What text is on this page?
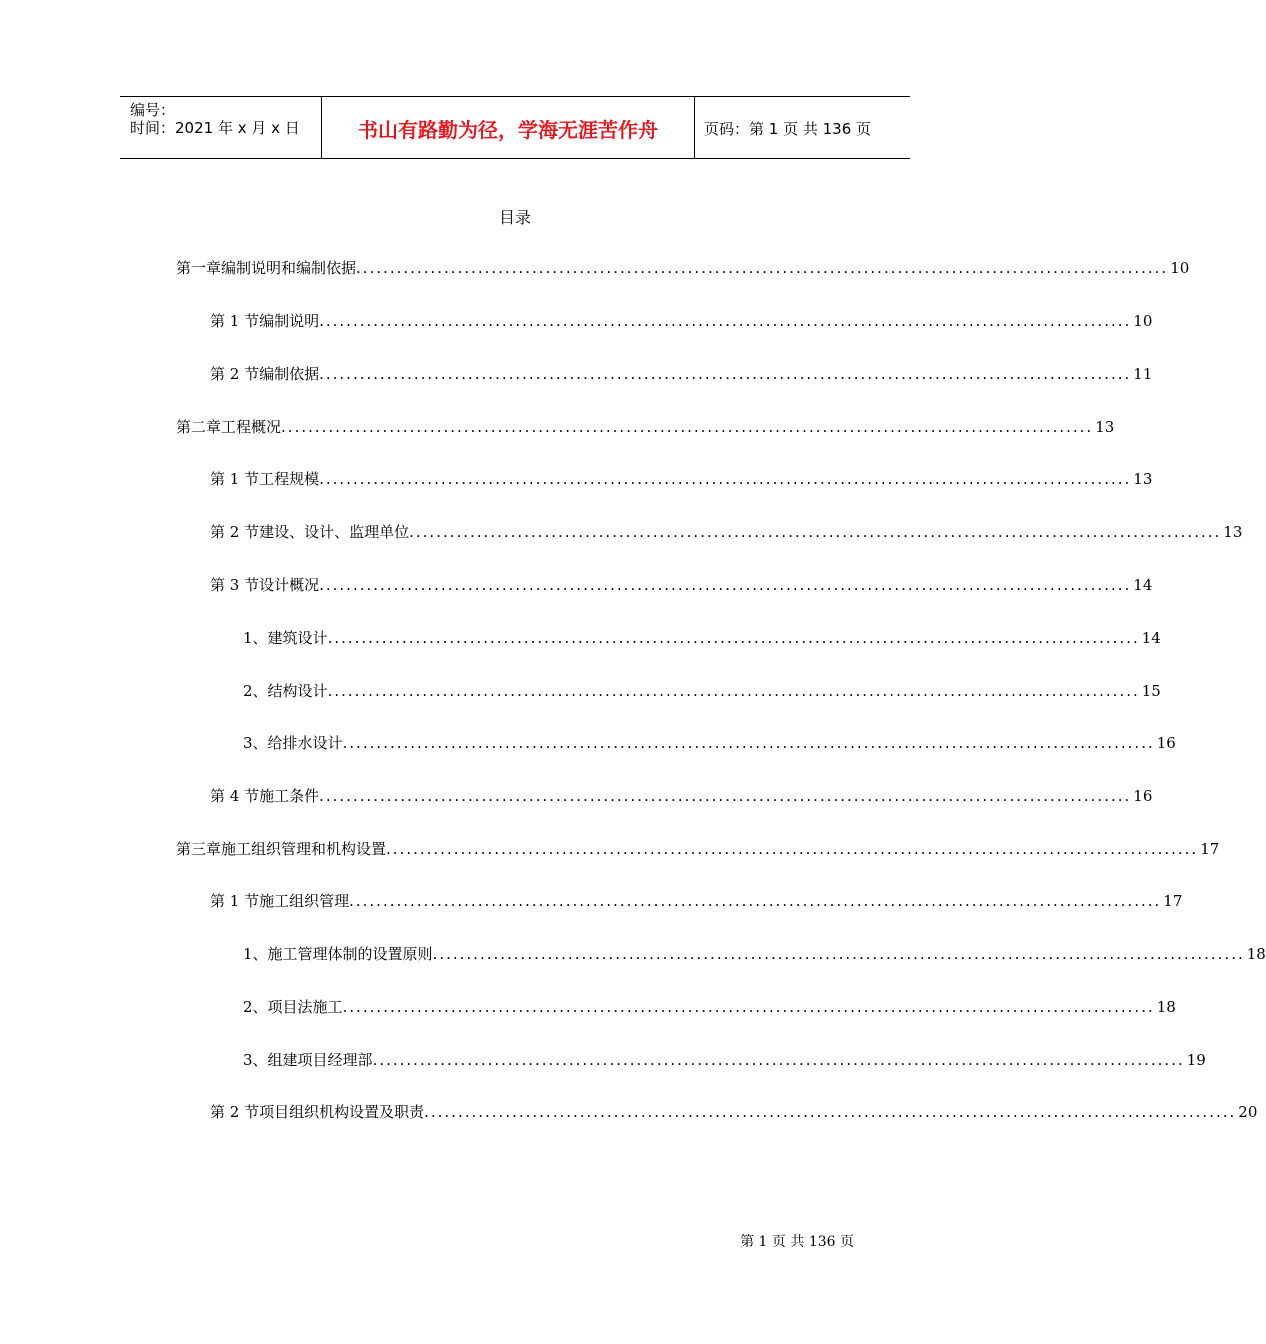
编号：
时间：2021 年 x 月 x 日	书山有路勤为径，学海无涯苦作舟	页码：第 1 页 共 136 页
目录
第一章 编制说明和编制依据 ........................................................................................................................ 10
第 1 节 编制说明 ........................................................................................................................ 10
第 2 节 编制依据 ........................................................................................................................ 11
第二章 工程概况 ........................................................................................................................ 13
第 1 节 工程规模 ........................................................................................................................ 13
第 2 节 建设、设计、监理单位 ........................................................................................................................ 13
第 3 节 设计概况 ........................................................................................................................ 14
1、 建筑设计 ........................................................................................................................ 14
2、 结构设计 ........................................................................................................................ 15
3、 给排水设计 ........................................................................................................................ 16
第 4 节 施工条件 ........................................................................................................................ 16
第三章 施工组织管理和机构设置 ........................................................................................................................ 17
第 1 节 施工组织管理 ........................................................................................................................ 17
1、 施工管理体制的设置原则 ........................................................................................................................ 18
2、 项目法施工 ........................................................................................................................ 18
3、 组建项目经理部 ........................................................................................................................ 19
第 2 节 项目组织机构设置及职责 ........................................................................................................................ 20
第 1 页 共 136 页
